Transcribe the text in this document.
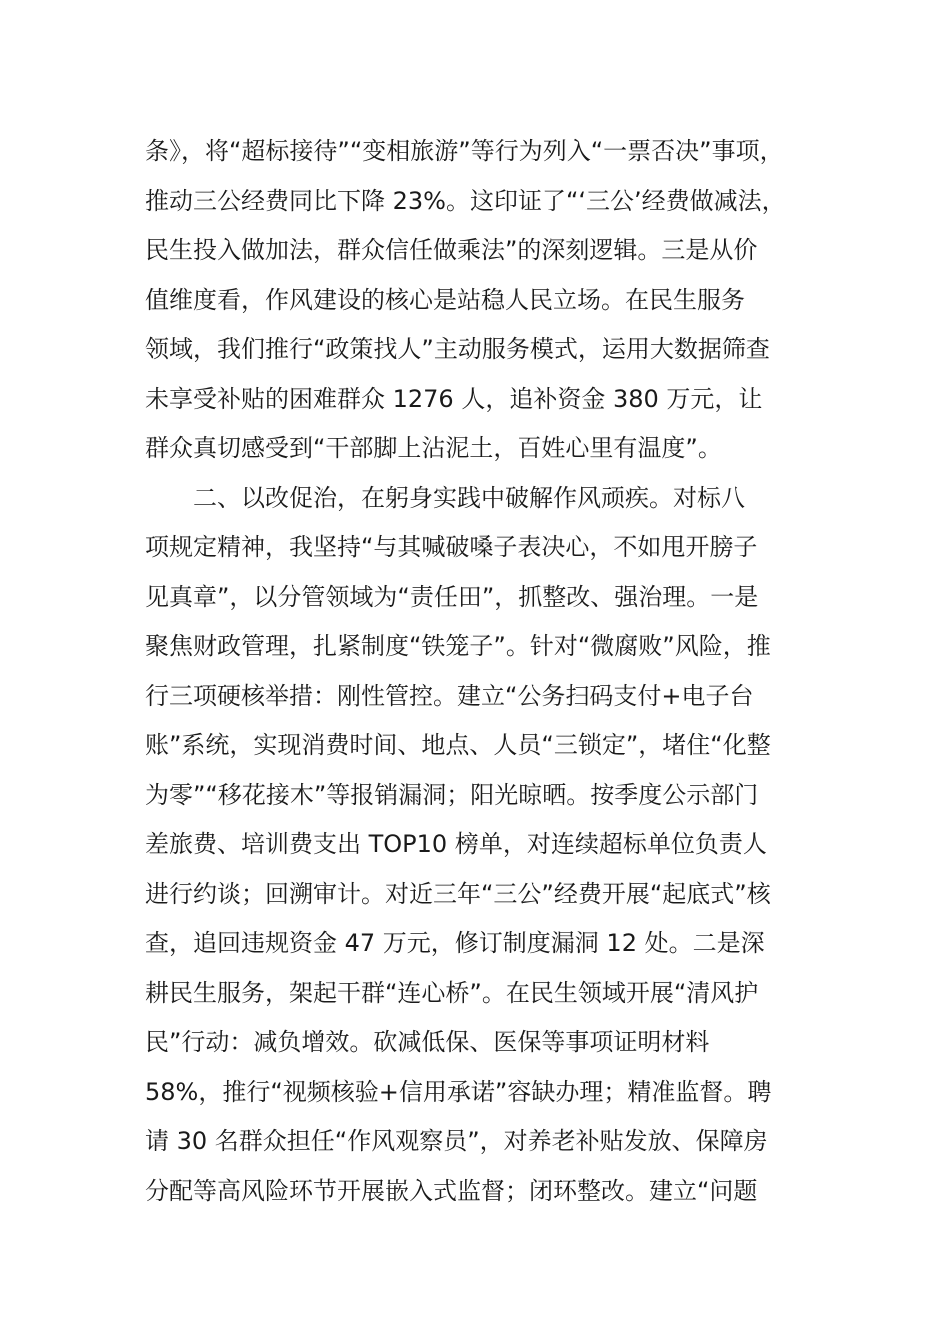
条》，将“超标接待”“变相旅游”等行为列入“一票否决”事项，
推动三公经费同比下降 23%。这印证了“‘三公’经费做减法，
民生投入做加法，群众信任做乘法”的深刻逻辑。三是从价
值维度看，作风建设的核心是站稳人民立场。在民生服务
领域，我们推行“政策找人”主动服务模式，运用大数据筛查
未享受补贴的困难群众 1276 人，追补资金 380 万元，让
群众真切感受到“干部脚上沾泥土，百姓心里有温度”。
二、以改促治，在躬身实践中破解作风顽疾。对标八
项规定精神，我坚持“与其喊破嗓子表决心，不如甩开膀子
见真章”，以分管领域为“责任田”，抓整改、强治理。一是
聚焦财政管理，扎紧制度“铁笼子”。针对“微腐败”风险，推
行三项硬核举措：刚性管控。建立“公务扫码支付+电子台
账”系统，实现消费时间、地点、人员“三锁定”，堵住“化整
为零”“移花接木”等报销漏洞；阳光晾晒。按季度公示部门
差旅费、培训费支出 TOP10 榜单，对连续超标单位负责人
进行约谈；回溯审计。对近三年“三公”经费开展“起底式”核
查，追回违规资金 47 万元，修订制度漏洞 12 处。二是深
耕民生服务，架起干群“连心桥”。在民生领域开展“清风护
民”行动：减负增效。砍减低保、医保等事项证明材料
58%，推行“视频核验+信用承诺”容缺办理；精准监督。聘
请 30 名群众担任“作风观察员”，对养老补贴发放、保障房
分配等高风险环节开展嵌入式监督；闭环整改。建立“问题
